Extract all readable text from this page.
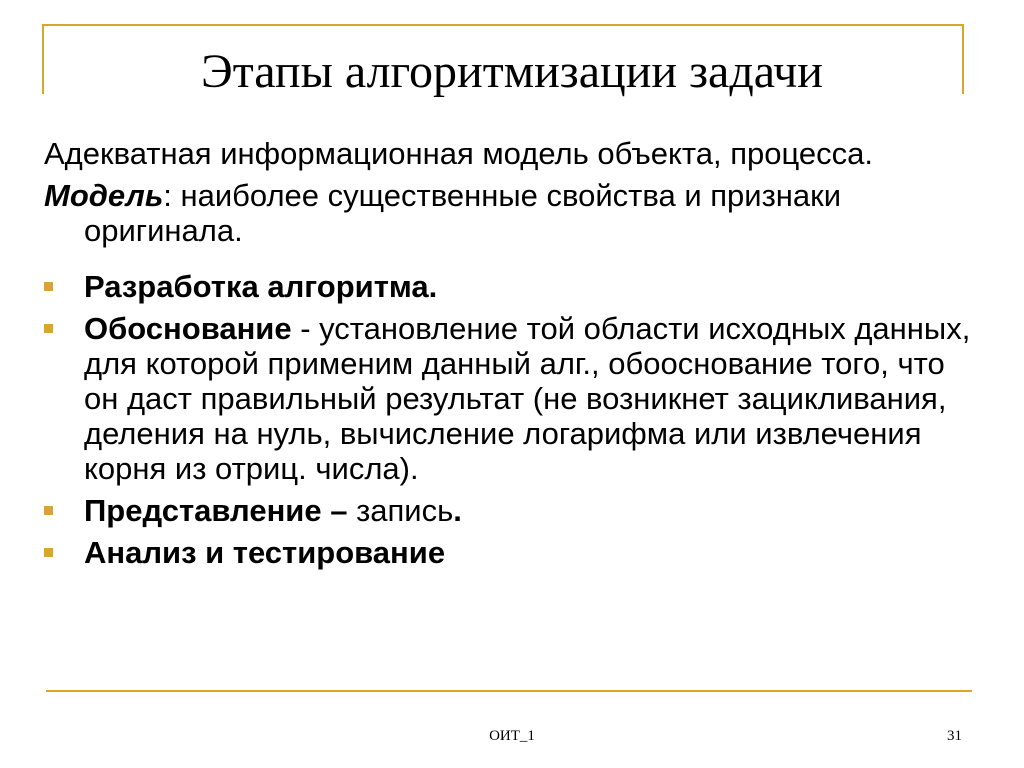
Этапы алгоритмизации задачи

Адекватная информационная модель объекта, процесса.

Модель: наиболее существенные свойства и признаки оригинала.

Разработка алгоритма.
Обоснование - установление той области исходных данных, для которой применим данный алг., обооснование того, что он даст правильный результат (не возникнет зацикливания, деления на нуль, вычисление логарифма или извлечения корня из отриц. числа).
Представление – запись.
Анализ и тестирование
ОИТ_1	31
